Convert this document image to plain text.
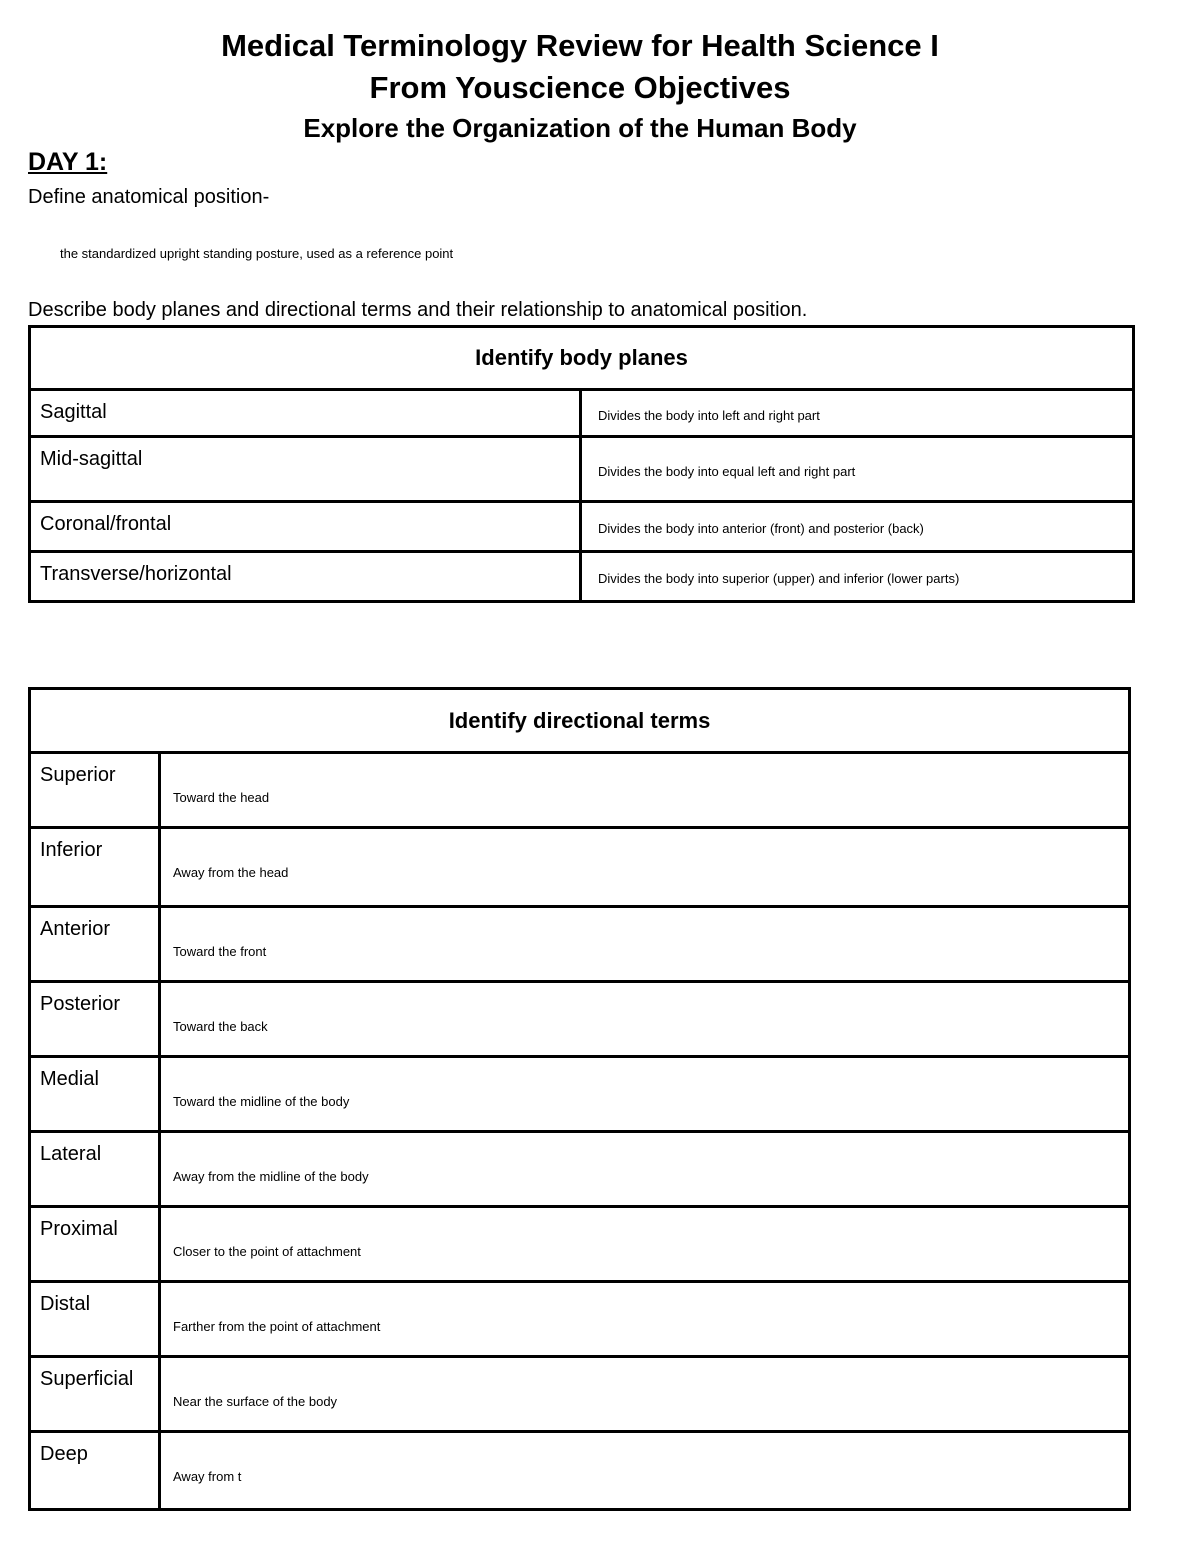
Medical Terminology Review for Health Science I
From Youscience Objectives
Explore the Organization of the Human Body
DAY 1:
Define anatomical position-
the standardized upright standing posture, used as a reference point
Describe body planes and directional terms and their relationship to anatomical position.
Identify body planes	
Sagittal	Divides the body into left and right part
Mid-sagittal	Divides the body into equal left and right part
Coronal/frontal	Divides the body into anterior (front) and posterior (back)
Transverse/horizontal	Divides the body into superior (upper) and inferior (lower parts)
Identify directional terms	
Superior	Toward the head
Inferior	Away from the head
Anterior	Toward the front
Posterior	Toward the back
Medial	Toward the midline of the body
Lateral	Away from the midline of the body
Proximal	Closer to the point of attachment
Distal	Farther from the point of attachment
Superficial	Near the surface of the body
Deep	Away from t
